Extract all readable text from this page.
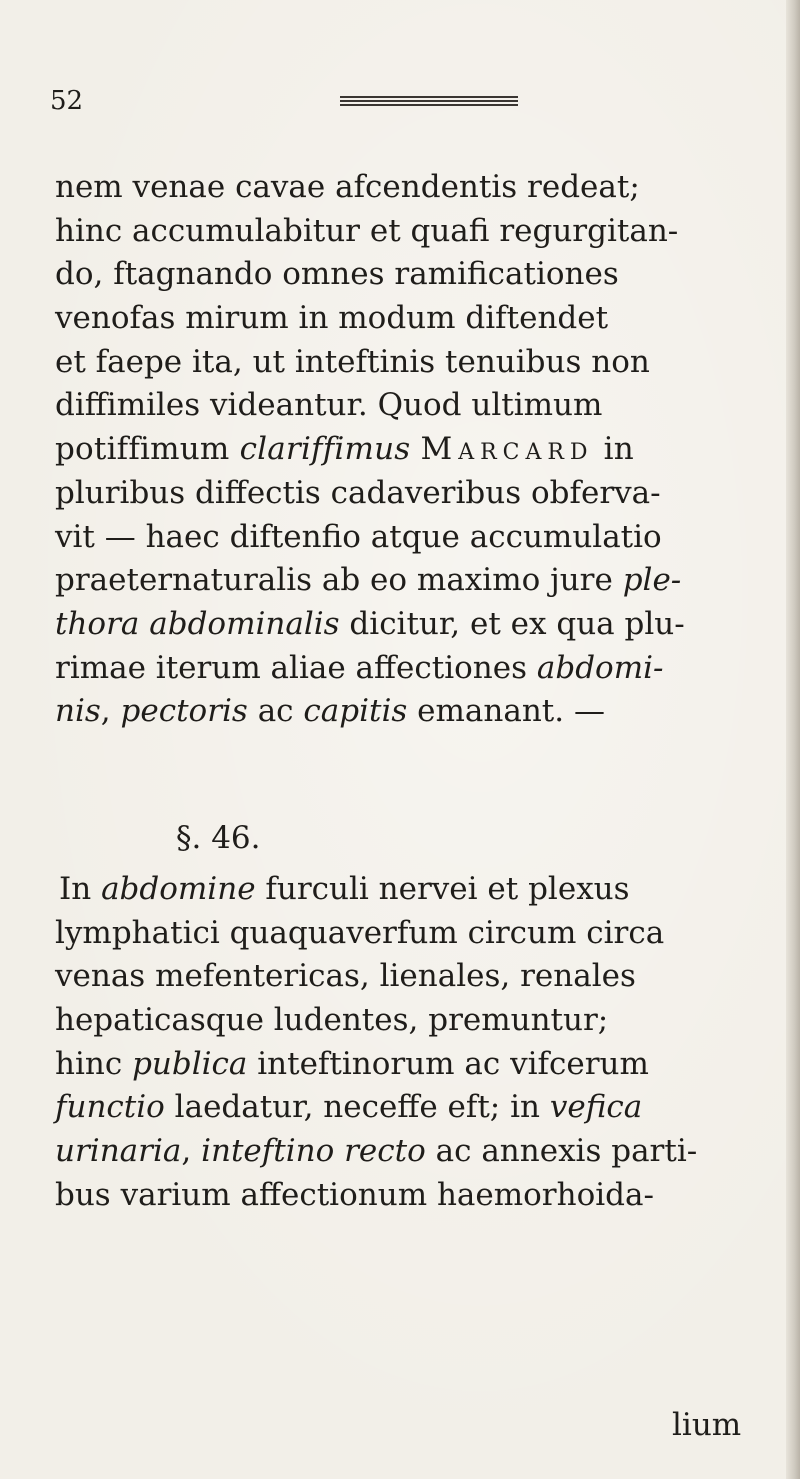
52
nem venae cavae afcendentis redeat;
hinc accumulabitur et quafi regurgitan-
do, ftagnando omnes ramificationes
venofas mirum in modum diftendet
et faepe ita, ut inteftinis tenuibus non
diffimiles videantur. Quod ultimum
potiffimum clariffimus Marcard in
pluribus diffectis cadaveribus obferva-
vit — haec diftenfio atque accumulatio
praeternaturalis ab eo maximo jure ple-
thora abdominalis dicitur, et ex qua plu-
rimae iterum aliae affectiones abdomi-
nis, pectoris ac capitis emanant. —
§. 46.
In abdomine furculi nervei et plexus
lymphatici quaquaverfum circum circa
venas mefentericas, lienales, renales
hepaticasque ludentes, premuntur;
hinc publica inteftinorum ac vifcerum
functio laedatur, neceffe eft; in vefica
urinaria, inteftino recto ac annexis parti-
bus varium affectionum haemorhoida-
lium
